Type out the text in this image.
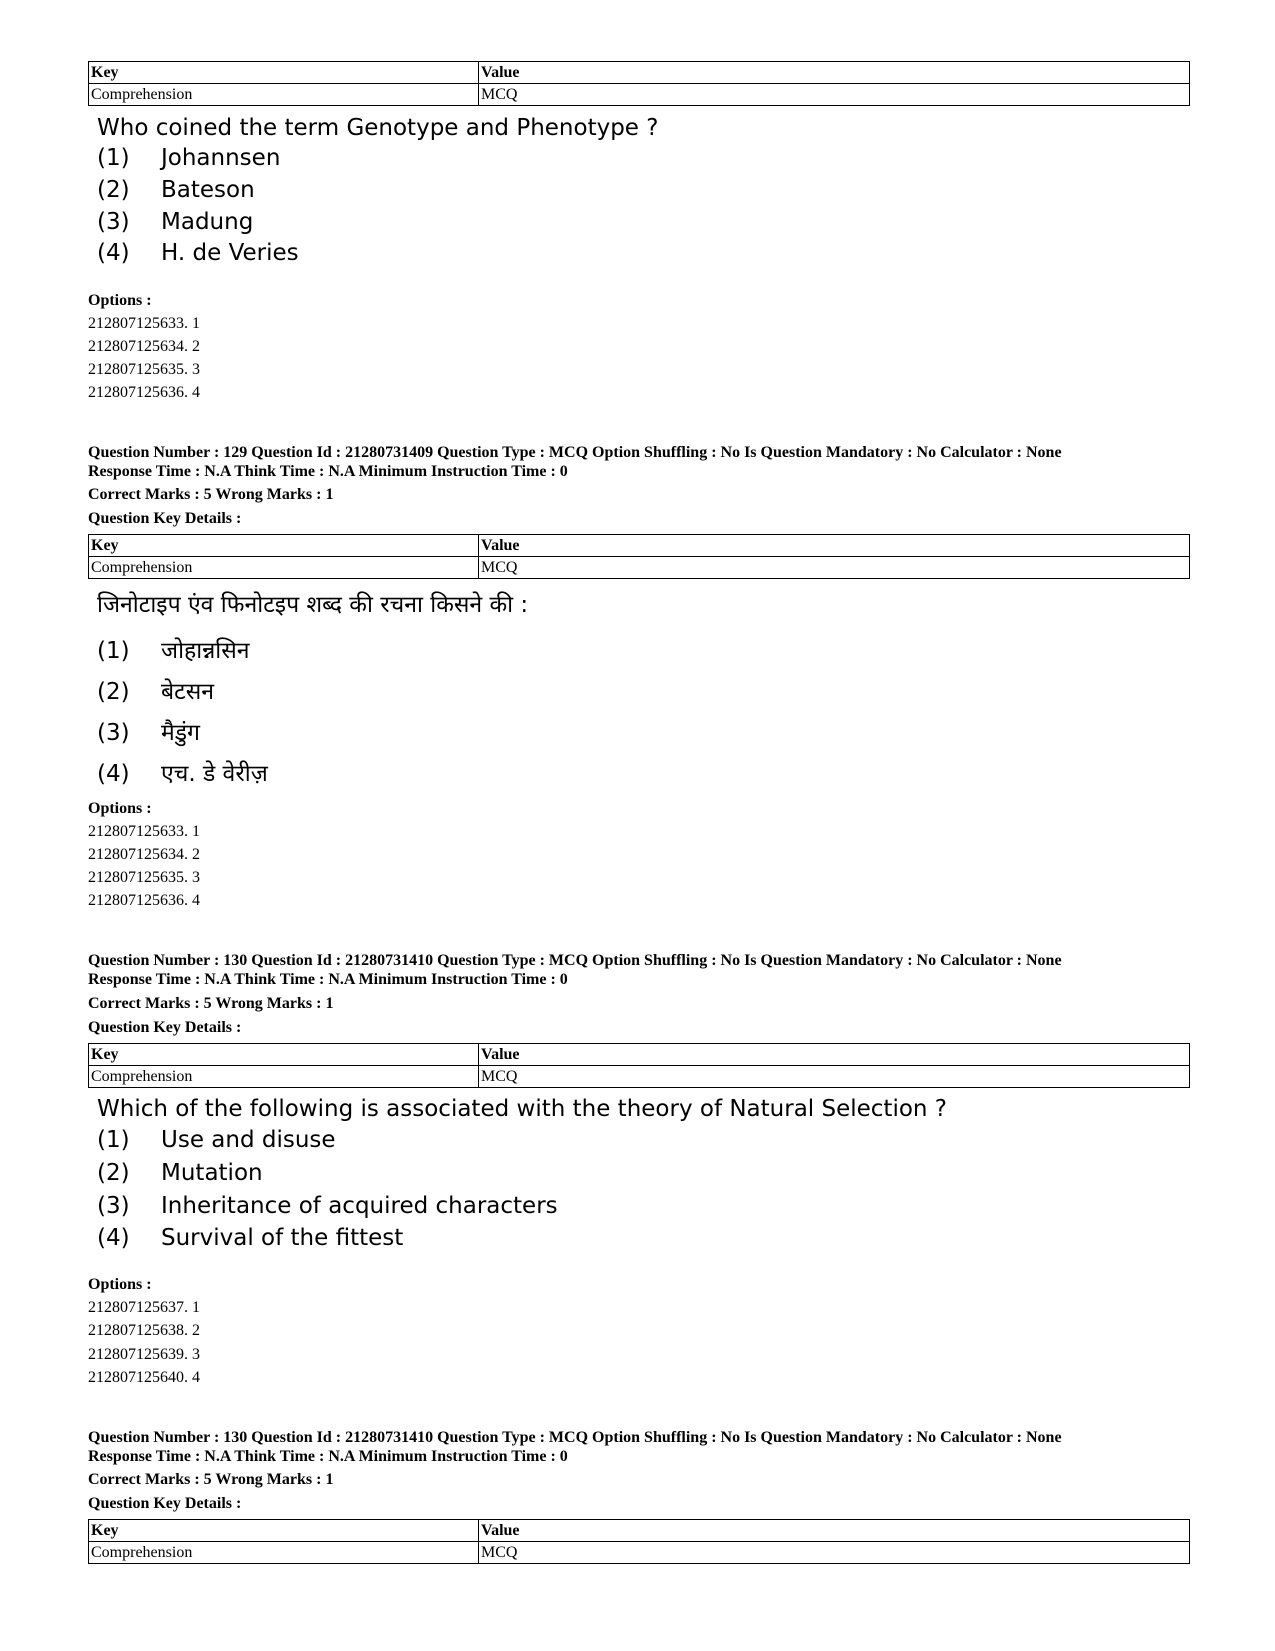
Key	Value
Comprehension	MCQ
Who coined the term Genotype and Phenotype ?
(1) Johannsen
(2) Bateson
(3) Madung
(4) H. de Veries
Options :
212807125633. 1
212807125634. 2
212807125635. 3
212807125636. 4
Question Number : 129 Question Id : 21280731409 Question Type : MCQ Option Shuffling : No Is Question Mandatory : No Calculator : None
Response Time : N.A Think Time : N.A Minimum Instruction Time : 0
Correct Marks : 5 Wrong Marks : 1
Question Key Details :
Key	Value
Comprehension	MCQ
जिनोटाइप एंव फिनोटइप शब्द की रचना किसने की :
(1) जोहान्नसिन
(2) बेटसन
(3) मैडुंग
(4) एच. डे वेरीज़
Options :
212807125633. 1
212807125634. 2
212807125635. 3
212807125636. 4
Question Number : 130 Question Id : 21280731410 Question Type : MCQ Option Shuffling : No Is Question Mandatory : No Calculator : None
Response Time : N.A Think Time : N.A Minimum Instruction Time : 0
Correct Marks : 5 Wrong Marks : 1
Question Key Details :
Key	Value
Comprehension	MCQ
Which of the following is associated with the theory of Natural Selection ?
(1) Use and disuse
(2) Mutation
(3) Inheritance of acquired characters
(4) Survival of the fittest
Options :
212807125637. 1
212807125638. 2
212807125639. 3
212807125640. 4
Question Number : 130 Question Id : 21280731410 Question Type : MCQ Option Shuffling : No Is Question Mandatory : No Calculator : None
Response Time : N.A Think Time : N.A Minimum Instruction Time : 0
Correct Marks : 5 Wrong Marks : 1
Question Key Details :
Key	Value
Comprehension	MCQ
